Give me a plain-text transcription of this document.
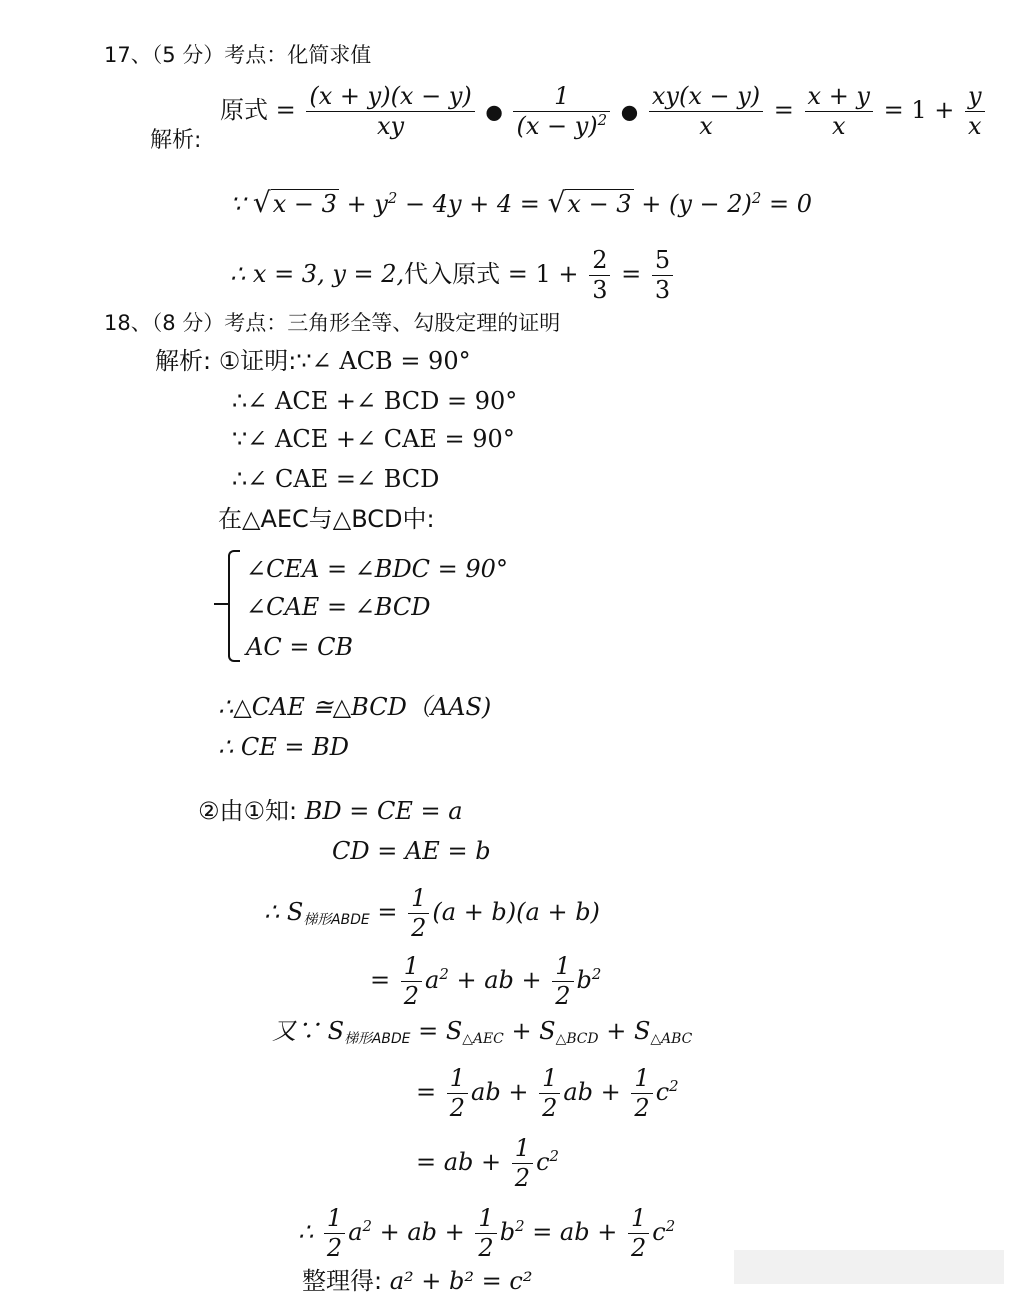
17、（5 分）考点：化简求值
解析:
原式 = $\frac{(x + y)(x - y)}{xy}$ ● $\frac{1}{(x - y)^2}$ ● $\frac{xy(x - y)}{x} = \frac{x + y}{x} = 1 + \frac{y}{x}$
∵ $√x - 3 + y^2 - 4y + 4 = √x - 3 + (y - 2)^2 = 0$
∴ x = 3, y = 2,代入原式 = $1 + \frac{2}{3} = \frac{5}{3}$
18、（8 分）考点：三角形全等、勾股定理的证明
解析: ①证明:∵∠ ACB = 90°
∴∠ ACE +∠ BCD = 90°
∵∠ ACE +∠ CAE = 90°
∴∠ CAE =∠ BCD
在△AEC与△BCD中:
∠CEA = ∠BDC = 90°
∠CAE = ∠BCD
AC = CB
∴△CAE ≅△BCD（AAS)
∴ CE = BD
②由①知: BD = CE = a
CD = AE = b
∴ $S_{梯形ABDE} = \frac{1}{2} (a + b)(a + b)$
= $\frac{1}{2} a^2$ + ab + $\frac{1}{2} b^2$
又∵ $S_{梯形ABDE} = S_{\triangle AEC} + S_{\triangle BCD} + S_{\triangle ABC}$
= $\frac{1}{2}$ ab + $\frac{1}{2}$ ab + $\frac{1}{2} c^2$
= ab + $\frac{1}{2} c^2$
∴ $\frac{1}{2} a^2$ + ab + $\frac{1}{2} b^2$ = ab + $\frac{1}{2} c^2$
整理得: a² + b² = c²
